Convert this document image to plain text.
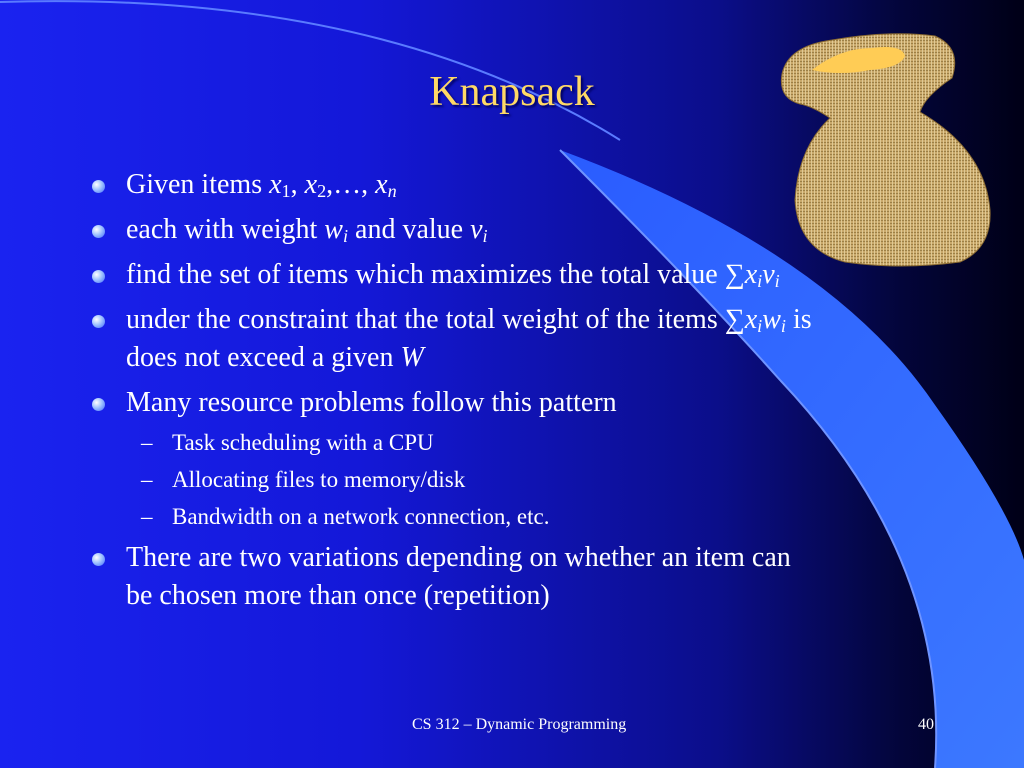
Knapsack
Given items $x_1$, $x_2,\dots$, $x_n$
each with weight $w_i$ and value $v_i$
find the set of items which maximizes the total value $\sum x_iv_i$
under the constraint that the total weight of the items $\sum x_iw_i$ is does not exceed a given W
Many resource problems follow this pattern
– Task scheduling with a CPU
– Allocating files to memory/disk
– Bandwidth on a network connection, etc.
There are two variations depending on whether an item can be chosen more than once (repetition)
CS 312 – Dynamic Programming	40
